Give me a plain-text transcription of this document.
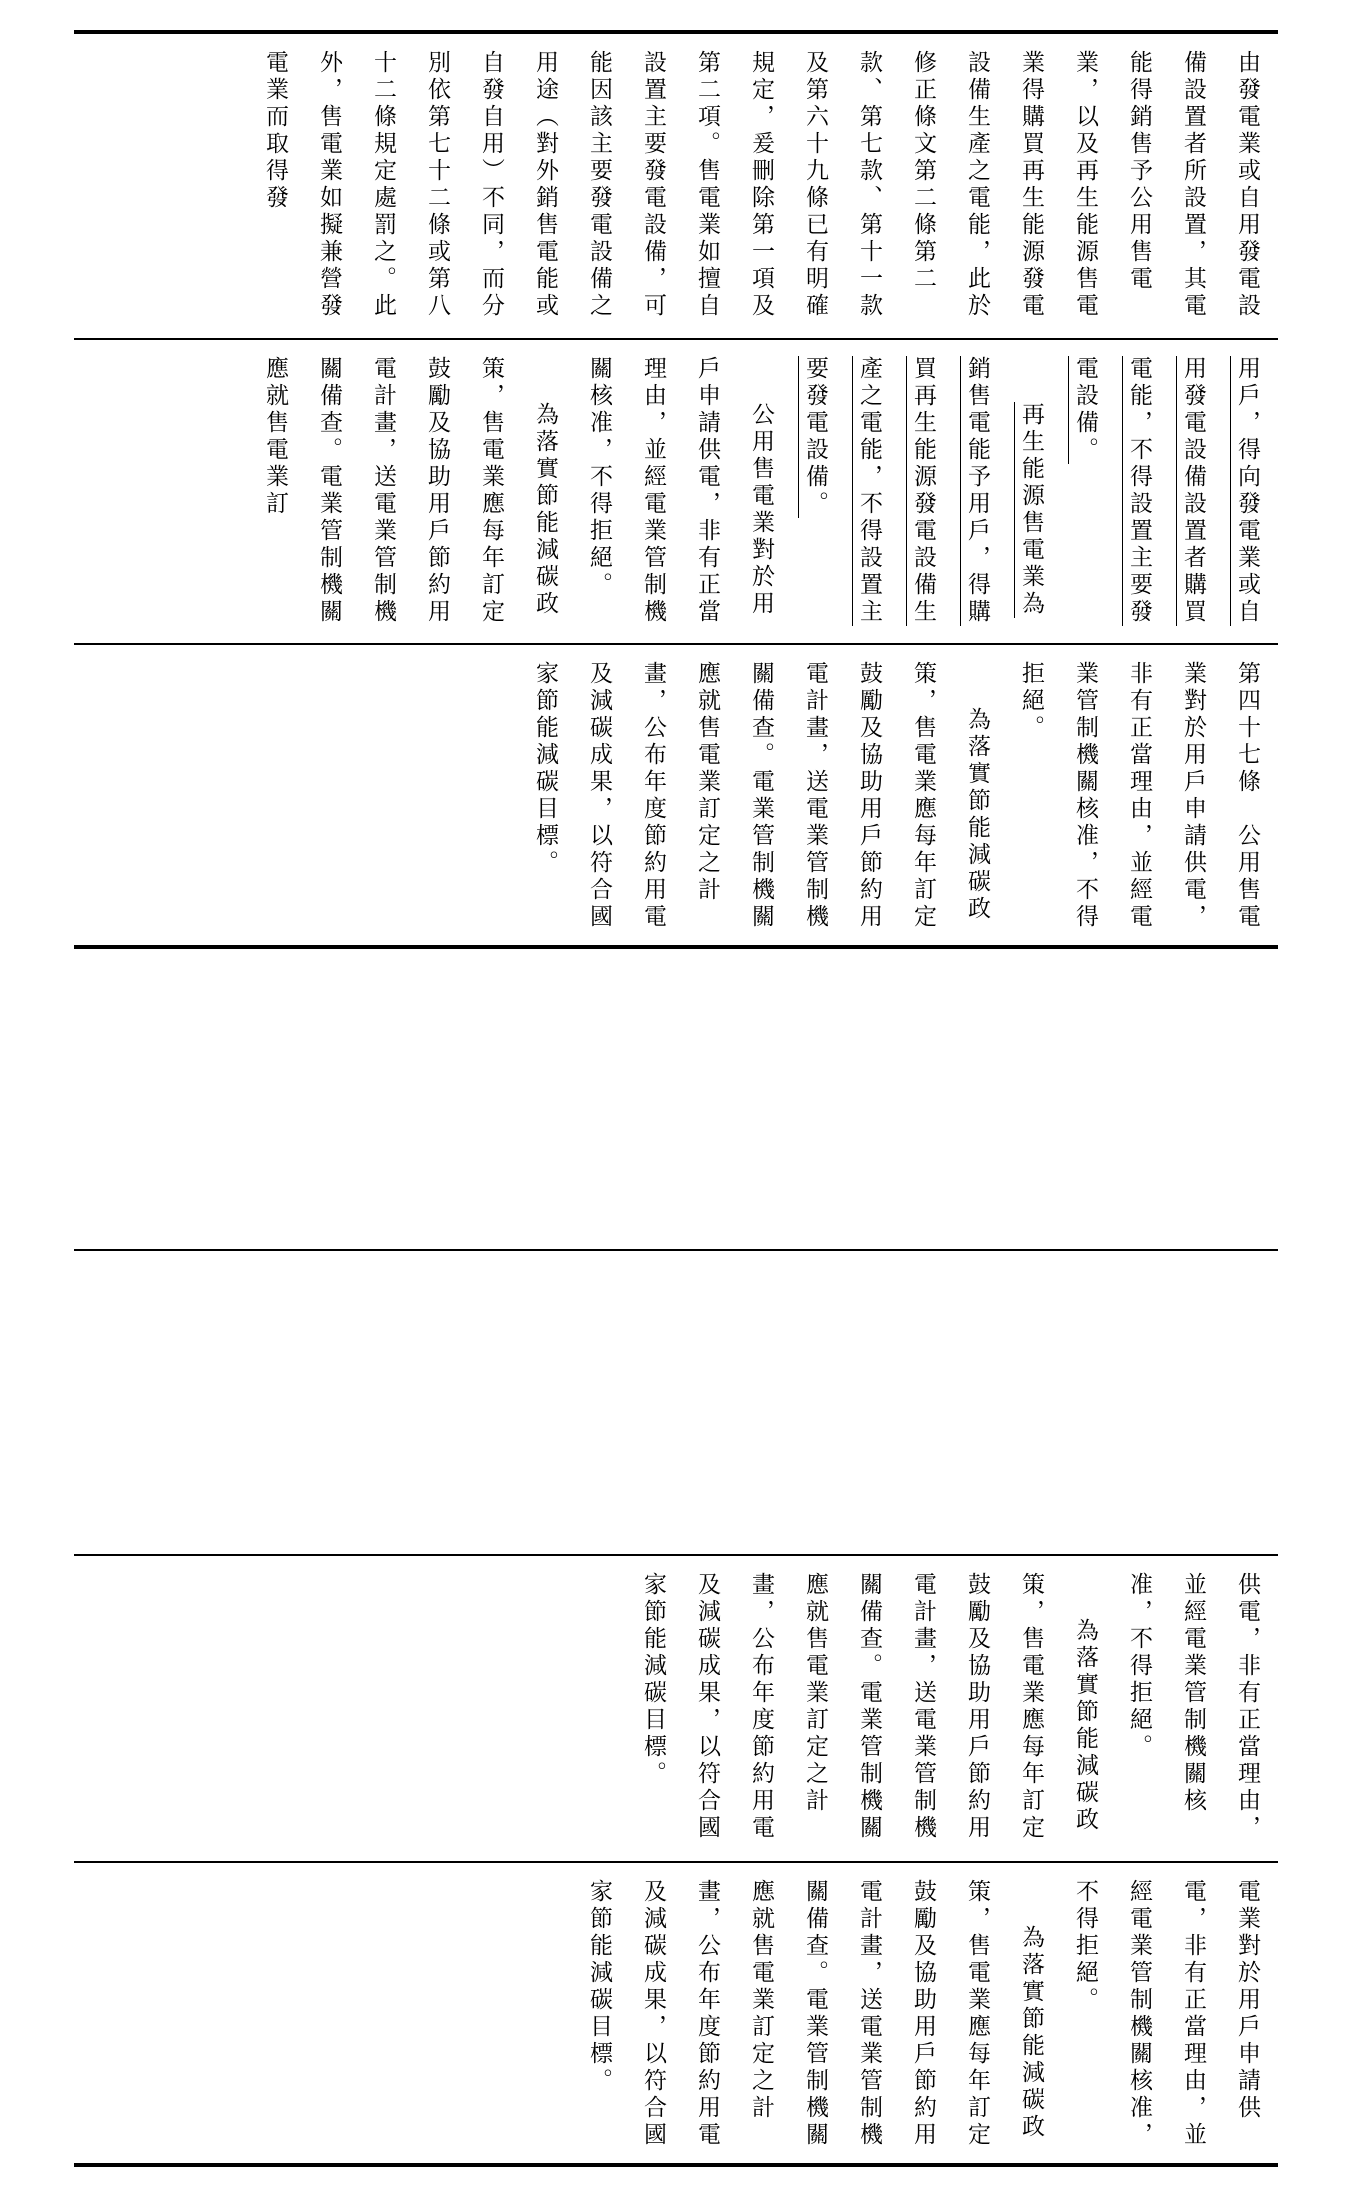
由發電業或自用發電設備設置者所設置，其電能得銷售予公用售電業，以及再生能源售電業得購買再生能源發電設備生產之電能，此於修正條文第二條第二款、第七款、第十一款及第六十九條已有明確規定，爰刪除第一項及第二項。售電業如擅自設置主要發電設備，可能因該主要發電設備之用途（對外銷售電能或自發自用）不同，而分別依第七十二條或第八十二條規定處罰之。此外，售電業如擬兼營發電業而取得發

用戶，得向發電業或自用發電設備設置者購買電能，不得設置主要發電設備。

再生能源售電業為銷售電能予用戶，得購買再生能源發電設備生產之電能，不得設置主要發電設備。

公用售電業對於用戶申請供電，非有正當理由，並經電業管制機關核准，不得拒絕。

為落實節能減碳政策，售電業應每年訂定鼓勵及協助用戶節約用電計畫，送電業管制機關備查。電業管制機關應就售電業訂

第四十七條　公用售電業對於用戶申請供電，非有正當理由，並經電業管制機關核准，不得拒絕。

為落實節能減碳政策，售電業應每年訂定鼓勵及協助用戶節約用電計畫，送電業管制機關備查。電業管制機關應就售電業訂定之計畫，公布年度節約用電及減碳成果，以符合國家節能減碳目標。

供電，非有正當理由，並經電業管制機關核准，不得拒絕。

為落實節能減碳政策，售電業應每年訂定鼓勵及協助用戶節約用電計畫，送電業管制機關備查。電業管制機關應就售電業訂定之計畫，公布年度節約用電及減碳成果，以符合國家節能減碳目標。

電業對於用戶申請供電，非有正當理由，並經電業管制機關核准，不得拒絕。

為落實節能減碳政策，售電業應每年訂定鼓勵及協助用戶節約用電計畫，送電業管制機關備查。電業管制機關應就售電業訂定之計畫，公布年度節約用電及減碳成果，以符合國家節能減碳目標。
